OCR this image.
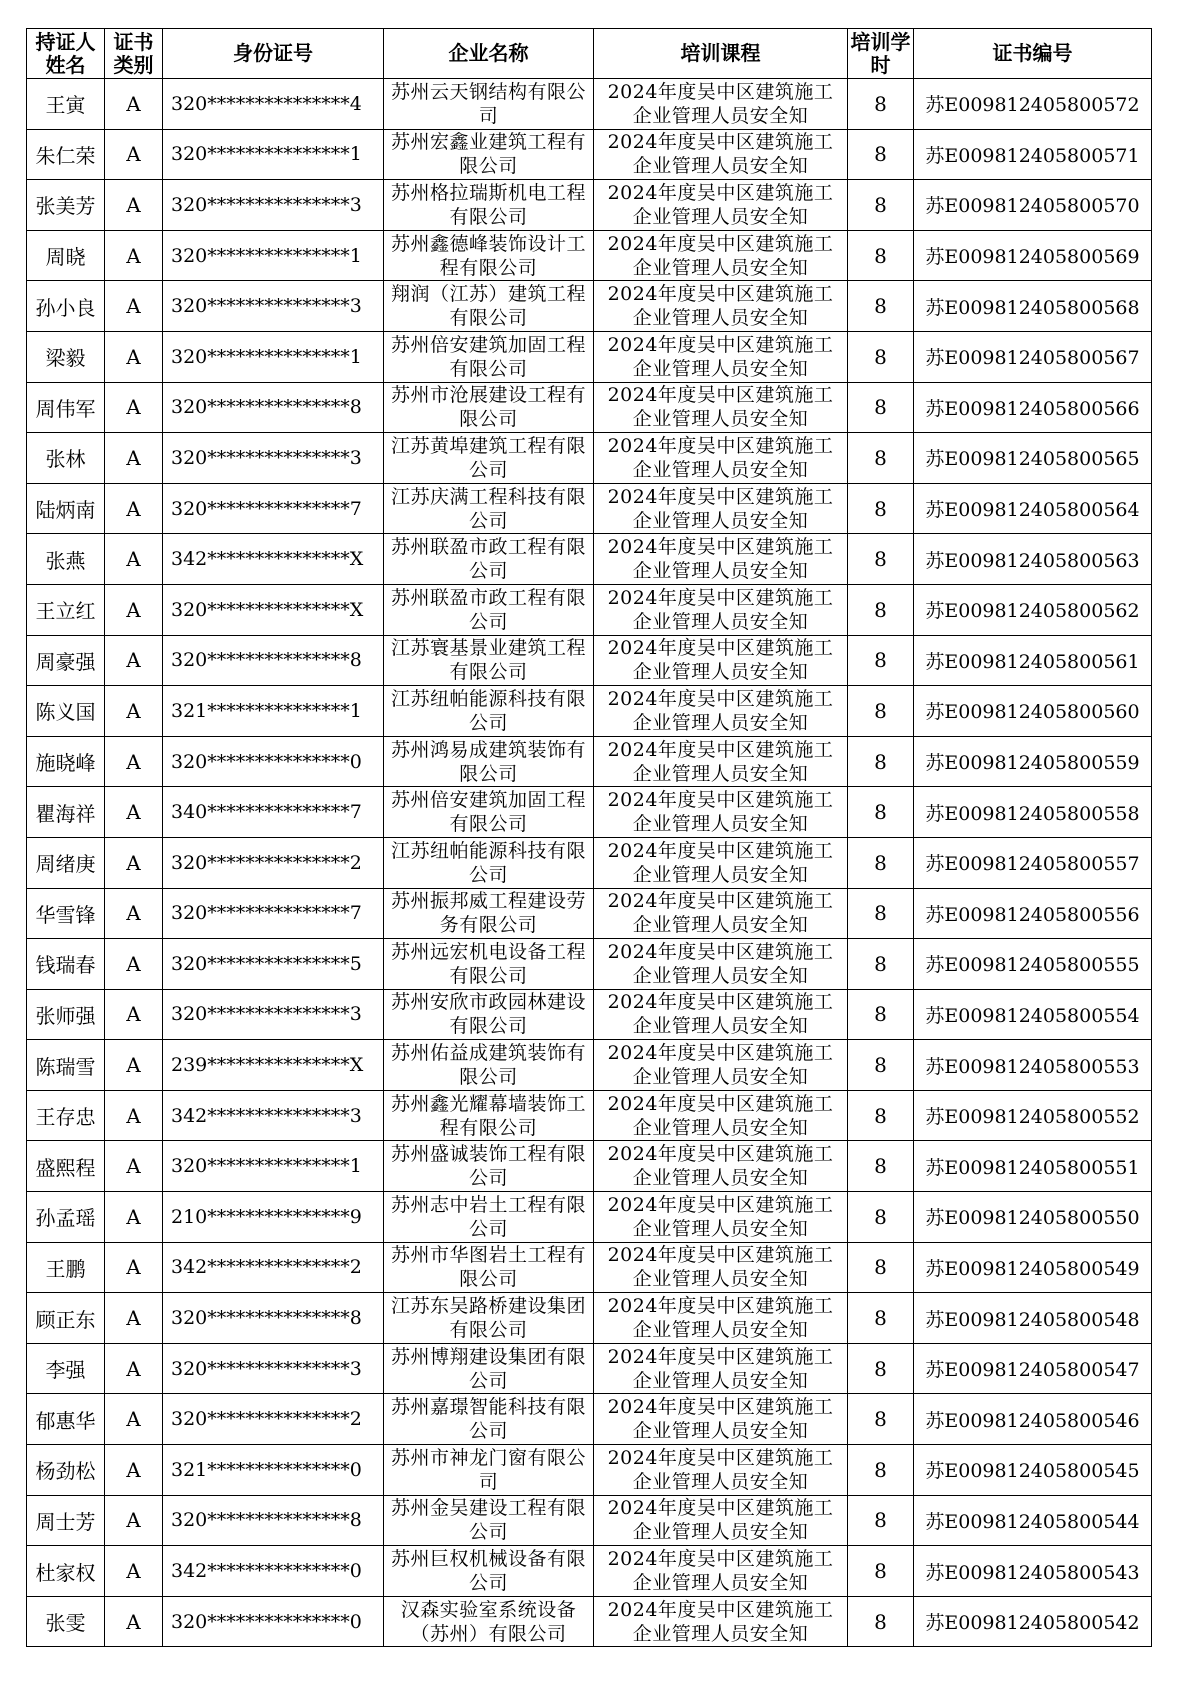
持证人姓名	证书类别	身份证号	企业名称	培训课程	培训学时	证书编号
王寅	A	320***************4	苏州云天钢结构有限公司	2024年度吴中区建筑施工企业管理人员安全知	8	苏E009812405800572
朱仁荣	A	320***************1	苏州宏鑫业建筑工程有限公司	2024年度吴中区建筑施工企业管理人员安全知	8	苏E009812405800571
张美芳	A	320***************3	苏州格拉瑞斯机电工程有限公司	2024年度吴中区建筑施工企业管理人员安全知	8	苏E009812405800570
周晓	A	320***************1	苏州鑫德峰装饰设计工程有限公司	2024年度吴中区建筑施工企业管理人员安全知	8	苏E009812405800569
孙小良	A	320***************3	翔润（江苏）建筑工程有限公司	2024年度吴中区建筑施工企业管理人员安全知	8	苏E009812405800568
梁毅	A	320***************1	苏州倍安建筑加固工程有限公司	2024年度吴中区建筑施工企业管理人员安全知	8	苏E009812405800567
周伟军	A	320***************8	苏州市沧展建设工程有限公司	2024年度吴中区建筑施工企业管理人员安全知	8	苏E009812405800566
张林	A	320***************3	江苏黄埠建筑工程有限公司	2024年度吴中区建筑施工企业管理人员安全知	8	苏E009812405800565
陆炳南	A	320***************7	江苏庆满工程科技有限公司	2024年度吴中区建筑施工企业管理人员安全知	8	苏E009812405800564
张燕	A	342***************X	苏州联盈市政工程有限公司	2024年度吴中区建筑施工企业管理人员安全知	8	苏E009812405800563
王立红	A	320***************X	苏州联盈市政工程有限公司	2024年度吴中区建筑施工企业管理人员安全知	8	苏E009812405800562
周豪强	A	320***************8	江苏寰基景业建筑工程有限公司	2024年度吴中区建筑施工企业管理人员安全知	8	苏E009812405800561
陈义国	A	321***************1	江苏纽帕能源科技有限公司	2024年度吴中区建筑施工企业管理人员安全知	8	苏E009812405800560
施晓峰	A	320***************0	苏州鸿易成建筑装饰有限公司	2024年度吴中区建筑施工企业管理人员安全知	8	苏E009812405800559
瞿海祥	A	340***************7	苏州倍安建筑加固工程有限公司	2024年度吴中区建筑施工企业管理人员安全知	8	苏E009812405800558
周绪庚	A	320***************2	江苏纽帕能源科技有限公司	2024年度吴中区建筑施工企业管理人员安全知	8	苏E009812405800557
华雪锋	A	320***************7	苏州振邦威工程建设劳务有限公司	2024年度吴中区建筑施工企业管理人员安全知	8	苏E009812405800556
钱瑞春	A	320***************5	苏州远宏机电设备工程有限公司	2024年度吴中区建筑施工企业管理人员安全知	8	苏E009812405800555
张师强	A	320***************3	苏州安欣市政园林建设有限公司	2024年度吴中区建筑施工企业管理人员安全知	8	苏E009812405800554
陈瑞雪	A	239***************X	苏州佑益成建筑装饰有限公司	2024年度吴中区建筑施工企业管理人员安全知	8	苏E009812405800553
王存忠	A	342***************3	苏州鑫光耀幕墙装饰工程有限公司	2024年度吴中区建筑施工企业管理人员安全知	8	苏E009812405800552
盛熙程	A	320***************1	苏州盛诚装饰工程有限公司	2024年度吴中区建筑施工企业管理人员安全知	8	苏E009812405800551
孙孟瑶	A	210***************9	苏州志中岩土工程有限公司	2024年度吴中区建筑施工企业管理人员安全知	8	苏E009812405800550
王鹏	A	342***************2	苏州市华图岩土工程有限公司	2024年度吴中区建筑施工企业管理人员安全知	8	苏E009812405800549
顾正东	A	320***************8	江苏东吴路桥建设集团有限公司	2024年度吴中区建筑施工企业管理人员安全知	8	苏E009812405800548
李强	A	320***************3	苏州博翔建设集团有限公司	2024年度吴中区建筑施工企业管理人员安全知	8	苏E009812405800547
郁惠华	A	320***************2	苏州嘉璟智能科技有限公司	2024年度吴中区建筑施工企业管理人员安全知	8	苏E009812405800546
杨劲松	A	321***************0	苏州市神龙门窗有限公司	2024年度吴中区建筑施工企业管理人员安全知	8	苏E009812405800545
周士芳	A	320***************8	苏州金吴建设工程有限公司	2024年度吴中区建筑施工企业管理人员安全知	8	苏E009812405800544
杜家权	A	342***************0	苏州巨权机械设备有限公司	2024年度吴中区建筑施工企业管理人员安全知	8	苏E009812405800543
张雯	A	320***************0	汉森实验室系统设备（苏州）有限公司	2024年度吴中区建筑施工企业管理人员安全知	8	苏E009812405800542
